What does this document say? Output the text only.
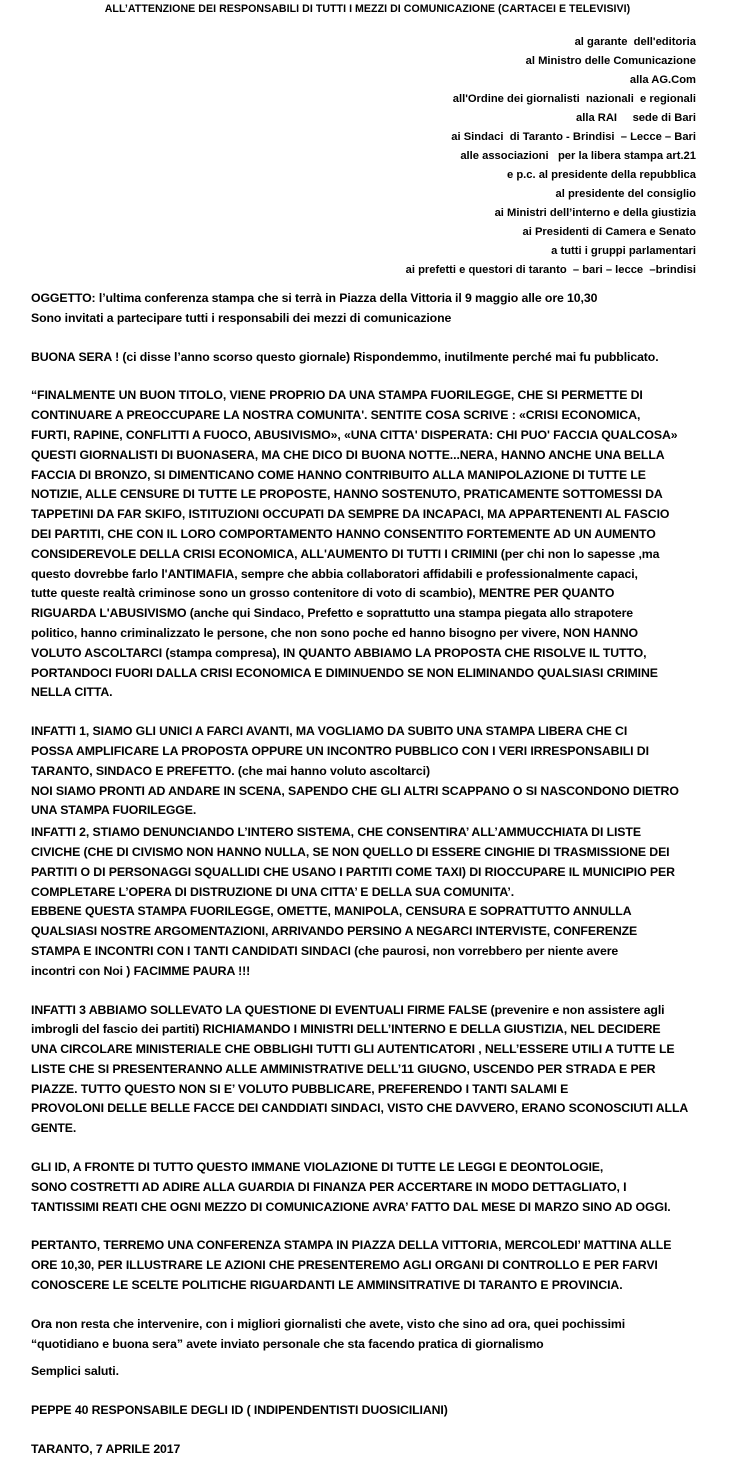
ALL’ATTENZIONE DEI RESPONSABILI DI TUTTI I MEZZI DI COMUNICAZIONE (CARTACEI E TELEVISIVI)
al garante  dell'editoria
al Ministro delle Comunicazione
alla AG.Com
all'Ordine dei giornalisti  nazionali  e regionali
alla RAI     sede di Bari
ai Sindaci  di Taranto - Brindisi  – Lecce – Bari
alle associazioni   per la libera stampa art.21
e p.c. al presidente della repubblica
al presidente del consiglio
ai Ministri dell’interno e della giustizia
ai Presidenti di Camera e Senato
a tutti i gruppi parlamentari
ai prefetti e questori di taranto  – bari – lecce  –brindisi

OGGETTO: l’ultima conferenza stampa che si terrà in Piazza della Vittoria il 9 maggio alle ore 10,30
Sono invitati a partecipare tutti i responsabili dei mezzi di comunicazione

BUONA SERA ! (ci disse l’anno scorso questo giornale) Rispondemmo, inutilmente perché mai fu pubblicato.

“FINALMENTE UN BUON TITOLO, VIENE PROPRIO DA UNA STAMPA FUORILEGGE, CHE SI PERMETTE DI
CONTINUARE A PREOCCUPARE LA NOSTRA COMUNITA'. SENTITE COSA SCRIVE : «CRISI ECONOMICA,
FURTI, RAPINE, CONFLITTI A FUOCO, ABUSIVISMO», «UNA CITTA' DISPERATA: CHI PUO' FACCIA QUALCOSA»
QUESTI GIORNALISTI DI BUONASERA, MA CHE DICO DI BUONA NOTTE...NERA, HANNO ANCHE UNA BELLA
FACCIA DI BRONZO, SI DIMENTICANO COME HANNO CONTRIBUITO ALLA MANIPOLAZIONE DI TUTTE LE
NOTIZIE, ALLE CENSURE DI TUTTE LE PROPOSTE, HANNO SOSTENUTO, PRATICAMENTE SOTTOMESSI DA
TAPPETINI DA FAR SKIFO, ISTITUZIONI OCCUPATI DA SEMPRE DA INCAPACI, MA APPARTENENTI AL FASCIO
DEI PARTITI, CHE CON IL LORO COMPORTAMENTO HANNO CONSENTITO FORTEMENTE AD UN AUMENTO
CONSIDEREVOLE DELLA CRISI ECONOMICA, ALL'AUMENTO DI TUTTI I CRIMINI (per chi non lo sapesse ,ma
questo dovrebbe farlo l'ANTIMAFIA, sempre che abbia collaboratori affidabili e professionalmente capaci,
tutte queste realtà criminose sono un grosso contenitore di voto di scambio), MENTRE PER QUANTO
RIGUARDA L'ABUSIVISMO (anche qui Sindaco, Prefetto e soprattutto una stampa piegata allo strapotere
politico, hanno criminalizzato le persone, che non sono poche ed hanno bisogno per vivere, NON HANNO
VOLUTO ASCOLTARCI (stampa compresa), IN QUANTO ABBIAMO LA PROPOSTA CHE RISOLVE IL TUTTO,
PORTANDOCI FUORI DALLA CRISI ECONOMICA E DIMINUENDO SE NON ELIMINANDO QUALSIASI CRIMINE
NELLA CITTA.

INFATTI 1, SIAMO GLI UNICI A FARCI AVANTI, MA VOGLIAMO DA SUBITO UNA STAMPA LIBERA CHE CI
POSSA AMPLIFICARE LA PROPOSTA OPPURE UN INCONTRO PUBBLICO CON I VERI IRRESPONSABILI DI
TARANTO, SINDACO E PREFETTO. (che mai hanno voluto ascoltarci)
NOI SIAMO PRONTI AD ANDARE IN SCENA, SAPENDO CHE GLI ALTRI SCAPPANO O SI NASCONDONO DIETRO
UNA STAMPA FUORILEGGE.

INFATTI 2, STIAMO DENUNCIANDO L’INTERO SISTEMA, CHE CONSENTIRA’ ALL’AMMUCCHIATA DI LISTE
CIVICHE (CHE DI CIVISMO NON HANNO NULLA, SE NON QUELLO DI ESSERE CINGHIE DI TRASMISSIONE DEI
PARTITI O DI PERSONAGGI SQUALLIDI CHE USANO I PARTITI COME TAXI) DI RIOCCUPARE IL MUNICIPIO PER
COMPLETARE L’OPERA DI DISTRUZIONE DI UNA CITTA’ E DELLA SUA COMUNITA’.
EBBENE QUESTA STAMPA FUORILEGGE, OMETTE, MANIPOLA, CENSURA E SOPRATTUTTO ANNULLA
QUALSIASI NOSTRE ARGOMENTAZIONI, ARRIVANDO PERSINO A NEGARCI INTERVISTE, CONFERENZE
STAMPA E INCONTRI CON I TANTI CANDIDATI SINDACI (che paurosi, non vorrebbero per niente avere
incontri con Noi ) FACIMME PAURA !!!

INFATTI 3 ABBIAMO SOLLEVATO LA QUESTIONE DI EVENTUALI FIRME FALSE (prevenire e non assistere agli
imbrogli del fascio dei partiti) RICHIAMANDO I MINISTRI DELL’INTERNO E DELLA GIUSTIZIA, NEL DECIDERE
UNA CIRCOLARE MINISTERIALE CHE OBBLIGHI TUTTI GLI AUTENTICATORI , NELL’ESSERE UTILI A TUTTE LE
LISTE CHE SI PRESENTERANNO ALLE AMMINISTRATIVE DELL’11 GIUGNO, USCENDO PER STRADA E PER
PIAZZE. TUTTO QUESTO NON SI E’ VOLUTO PUBBLICARE, PREFERENDO I TANTI SALAMI E
PROVOLONI DELLE BELLE FACCE DEI CANDDIATI SINDACI, VISTO CHE DAVVERO, ERANO SCONOSCIUTI ALLA
GENTE.

GLI ID, A FRONTE DI TUTTO QUESTO IMMANE VIOLAZIONE DI TUTTE LE LEGGI E DEONTOLOGIE,
SONO COSTRETTI AD ADIRE ALLA GUARDIA DI FINANZA PER ACCERTARE IN MODO DETTAGLIATO, I
TANTISSIMI REATI CHE OGNI MEZZO DI COMUNICAZIONE AVRA’ FATTO DAL MESE DI MARZO SINO AD OGGI.

PERTANTO, TERREMO UNA CONFERENZA STAMPA IN PIAZZA DELLA VITTORIA, MERCOLEDI’ MATTINA ALLE
ORE 10,30, PER ILLUSTRARE LE AZIONI CHE PRESENTEREMO AGLI ORGANI DI CONTROLLO E PER FARVI
CONOSCERE LE SCELTE POLITICHE RIGUARDANTI LE AMMINSITRATIVE DI TARANTO E PROVINCIA.

Ora non resta che intervenire, con i migliori giornalisti che avete, visto che sino ad ora, quei pochissimi
“quotidiano e buona sera” avete inviato personale che sta facendo pratica di giornalismo

Semplici saluti.

PEPPE 40 RESPONSABILE DEGLI ID ( INDIPENDENTISTI DUOSICILIANI)

TARANTO, 7 APRILE 2017
